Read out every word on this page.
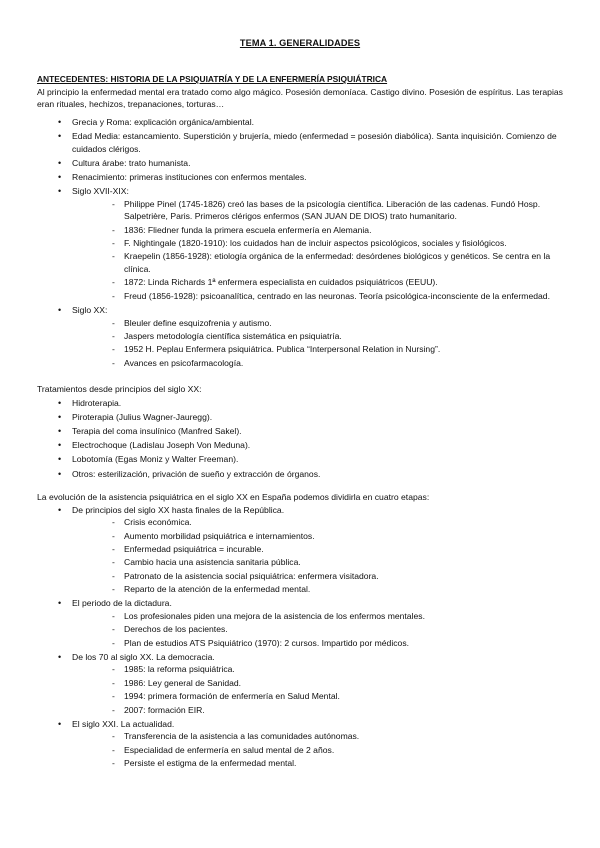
TEMA 1. GENERALIDADES
ANTECEDENTES: HISTORIA DE LA PSIQUIATRÍA Y DE LA ENFERMERÍA PSIQUIÁTRICA
Al principio la enfermedad mental era tratado como algo mágico. Posesión demoníaca. Castigo divino. Posesión de espíritus. Las terapias eran rituales, hechizos, trepanaciones, torturas…
• Grecia y Roma: explicación orgánica/ambiental.
• Edad Media: estancamiento. Superstición y brujería, miedo (enfermedad = posesión diabólica). Santa inquisición. Comienzo de cuidados clérigos.
• Cultura árabe: trato humanista.
• Renacimiento: primeras instituciones con enfermos mentales.
• Siglo XVII-XIX:
- Philippe Pinel (1745-1826) creó las bases de la psicología científica. Liberación de las cadenas. Fundó Hosp. Salpetrière, Paris. Primeros clérigos enfermos (SAN JUAN DE DIOS) trato humanitario.
- 1836: Fliedner funda la primera escuela enfermería en Alemania.
- F. Nightingale (1820-1910): los cuidados han de incluir aspectos psicológicos, sociales y fisiológicos.
- Kraepelin (1856-1928): etiología orgánica de la enfermedad: desórdenes biológicos y genéticos. Se centra en la clínica.
- 1872: Linda Richards 1ª enfermera especialista en cuidados psiquiátricos (EEUU).
- Freud (1856-1928): psicoanalítica, centrado en las neuronas. Teoría psicológica-inconsciente de la enfermedad.
• Siglo XX:
- Bleuler define esquizofrenia y autismo.
- Jaspers metodología científica sistemática en psiquiatría.
- 1952 H. Peplau Enfermera psiquiátrica. Publica “Interpersonal Relation in Nursing”.
- Avances en psicofarmacología.
Tratamientos desde principios del siglo XX:
• Hidroterapia.
• Piroterapia (Julius Wagner-Jauregg).
• Terapia del coma insulínico (Manfred Sakel).
• Electrochoque (Ladislau Joseph Von Meduna).
• Lobotomía (Egas Moniz y Walter Freeman).
• Otros: esterilización, privación de sueño y extracción de órganos.
La evolución de la asistencia psiquiátrica en el siglo XX en España podemos dividirla en cuatro etapas:
• De principios del siglo XX hasta finales de la República.
- Crisis económica.
- Aumento morbilidad psiquiátrica e internamientos.
- Enfermedad psiquiátrica = incurable.
- Cambio hacia una asistencia sanitaria pública.
- Patronato de la asistencia social psiquiátrica: enfermera visitadora.
- Reparto de la atención de la enfermedad mental.
• El periodo de la dictadura.
- Los profesionales piden una mejora de la asistencia de los enfermos mentales.
- Derechos de los pacientes.
- Plan de estudios ATS Psiquiátrico (1970): 2 cursos. Impartido por médicos.
• De los 70 al siglo XX. La democracia.
- 1985: la reforma psiquiátrica.
- 1986: Ley general de Sanidad.
- 1994: primera formación de enfermería en Salud Mental.
- 2007: formación EIR.
• El siglo XXI. La actualidad.
- Transferencia de la asistencia a las comunidades autónomas.
- Especialidad de enfermería en salud mental de 2 años.
- Persiste el estigma de la enfermedad mental.
